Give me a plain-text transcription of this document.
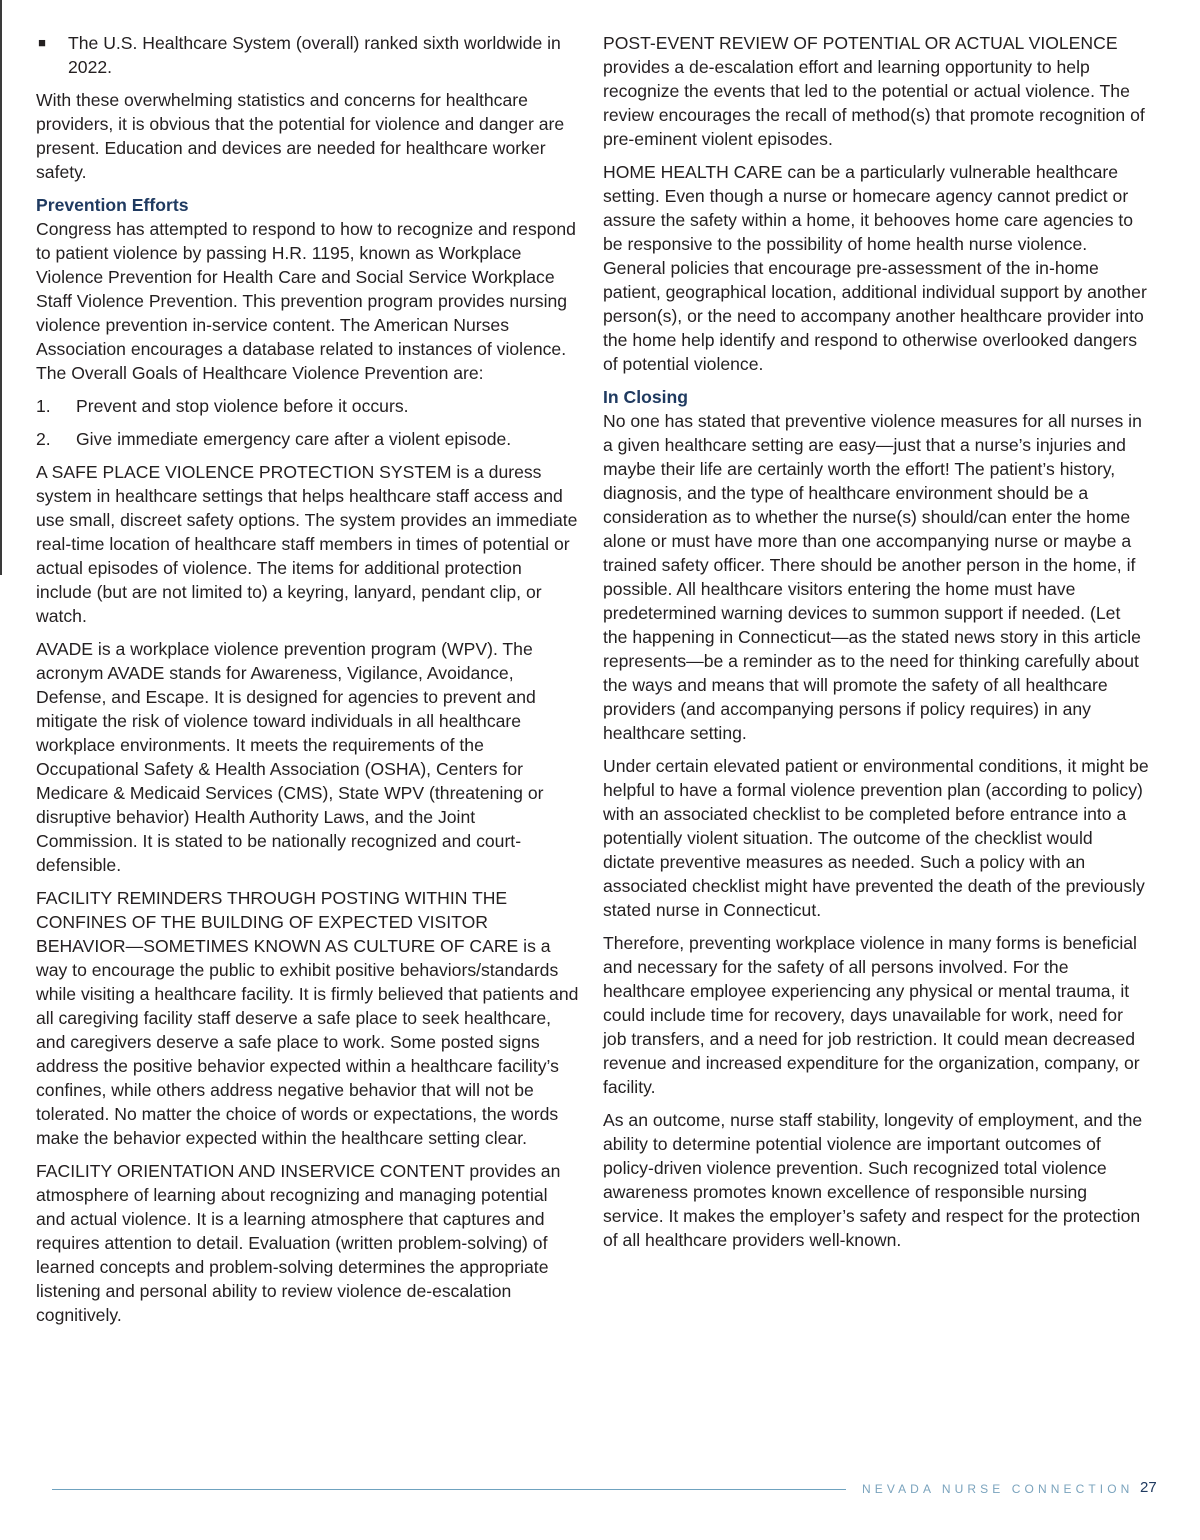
■ The U.S. Healthcare System (overall) ranked sixth worldwide in 2022.

With these overwhelming statistics and concerns for healthcare providers, it is obvious that the potential for violence and danger are present. Education and devices are needed for healthcare worker safety.

Prevention Efforts

Congress has attempted to respond to how to recognize and respond to patient violence by passing H.R. 1195, known as Workplace Violence Prevention for Health Care and Social Service Workplace Staff Violence Prevention. This prevention program provides nursing violence prevention in-service content. The American Nurses Association encourages a database related to instances of violence. The Overall Goals of Healthcare Violence Prevention are:

1.	Prevent and stop violence before it occurs.
2.	Give immediate emergency care after a violent episode.

A SAFE PLACE VIOLENCE PROTECTION SYSTEM is a duress system in healthcare settings that helps healthcare staff access and use small, discreet safety options. The system provides an immediate real-time location of healthcare staff members in times of potential or actual episodes of violence. The items for additional protection include (but are not limited to) a keyring, lanyard, pendant clip, or watch.

AVADE is a workplace violence prevention program (WPV). The acronym AVADE stands for Awareness, Vigilance, Avoidance, Defense, and Escape. It is designed for agencies to prevent and mitigate the risk of violence toward individuals in all healthcare workplace environments. It meets the requirements of the Occupational Safety & Health Association (OSHA), Centers for Medicare & Medicaid Services (CMS), State WPV (threatening or disruptive behavior) Health Authority Laws, and the Joint Commission. It is stated to be nationally recognized and court-defensible.

FACILITY REMINDERS THROUGH POSTING WITHIN THE CONFINES OF THE BUILDING OF EXPECTED VISITOR BEHAVIOR—SOMETIMES KNOWN AS CULTURE OF CARE is a way to encourage the public to exhibit positive behaviors/standards while visiting a healthcare facility. It is firmly believed that patients and all caregiving facility staff deserve a safe place to seek healthcare, and caregivers deserve a safe place to work. Some posted signs address the positive behavior expected within a healthcare facility’s confines, while others address negative behavior that will not be tolerated. No matter the choice of words or expectations, the words make the behavior expected within the healthcare setting clear.

FACILITY ORIENTATION AND INSERVICE CONTENT provides an atmosphere of learning about recognizing and managing potential and actual violence. It is a learning atmosphere that captures and requires attention to detail. Evaluation (written problem-solving) of learned concepts and problem-solving determines the appropriate listening and personal ability to review violence de-escalation cognitively.

POST-EVENT REVIEW OF POTENTIAL OR ACTUAL VIOLENCE provides a de-escalation effort and learning opportunity to help recognize the events that led to the potential or actual violence. The review encourages the recall of method(s) that promote recognition of pre-eminent violent episodes.

HOME HEALTH CARE can be a particularly vulnerable healthcare setting. Even though a nurse or homecare agency cannot predict or assure the safety within a home, it behooves home care agencies to be responsive to the possibility of home health nurse violence. General policies that encourage pre-assessment of the in-home patient, geographical location, additional individual support by another person(s), or the need to accompany another healthcare provider into the home help identify and respond to otherwise overlooked dangers of potential violence.

In Closing

No one has stated that preventive violence measures for all nurses in a given healthcare setting are easy—just that a nurse’s injuries and maybe their life are certainly worth the effort! The patient’s history, diagnosis, and the type of healthcare environment should be a consideration as to whether the nurse(s) should/can enter the home alone or must have more than one accompanying nurse or maybe a trained safety officer. There should be another person in the home, if possible. All healthcare visitors entering the home must have predetermined warning devices to summon support if needed. (Let the happening in Connecticut—as the stated news story in this article represents—be a reminder as to the need for thinking carefully about the ways and means that will promote the safety of all healthcare providers (and accompanying persons if policy requires) in any healthcare setting.

Under certain elevated patient or environmental conditions, it might be helpful to have a formal violence prevention plan (according to policy) with an associated checklist to be completed before entrance into a potentially violent situation. The outcome of the checklist would dictate preventive measures as needed. Such a policy with an associated checklist might have prevented the death of the previously stated nurse in Connecticut.

Therefore, preventing workplace violence in many forms is beneficial and necessary for the safety of all persons involved. For the healthcare employee experiencing any physical or mental trauma, it could include time for recovery, days unavailable for work, need for job transfers, and a need for job restriction. It could mean decreased revenue and increased expenditure for the organization, company, or facility.

As an outcome, nurse staff stability, longevity of employment, and the ability to determine potential violence are important outcomes of policy-driven violence prevention. Such recognized total violence awareness promotes known excellence of responsible nursing service. It makes the employer’s safety and respect for the protection of all healthcare providers well-known.

NEVADA NURSE CONNECTION 27
